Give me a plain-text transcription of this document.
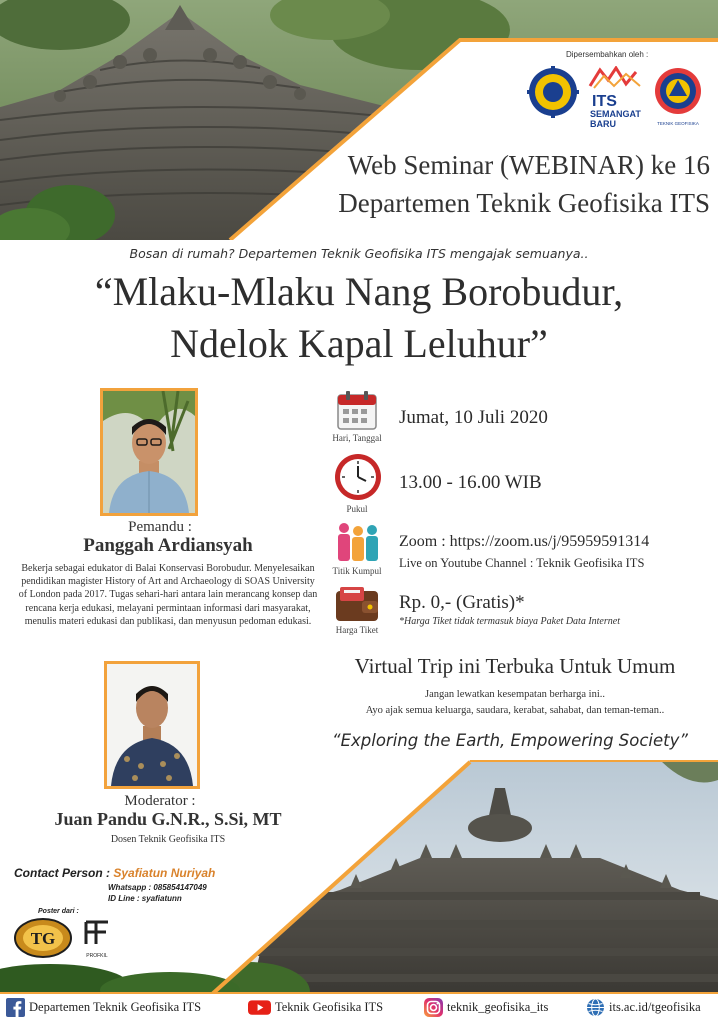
Dipersembahkan oleh :
ITS
SEMANGAT
BARU	TEKNIK GEOFISIKA
Web Seminar (WEBINAR) ke 16
Departemen Teknik Geofisika ITS
Bosan di rumah? Departemen Teknik Geofisika ITS mengajak semuanya..
“Mlaku-Mlaku Nang Borobudur,
Ndelok Kapal Leluhur”
Pemandu :
Panggah Ardiansyah
Bekerja sebagai edukator di Balai Konservasi Borobudur. Menyelesaikan pendidikan magister History of Art and Archaeology di SOAS University of London pada 2017. Tugas sehari-hari antara lain merancang konsep dan rencana kerja edukasi, melayani permintaan informasi dari masyarakat, menulis materi edukasi dan publikasi, dan menyusun pedoman edukasi.
Moderator :
Juan Pandu G.N.R., S.Si, MT
Dosen Teknik Geofisika ITS
Hari, Tanggal
Jumat, 10 Juli 2020
Pukul
13.00 - 16.00 WIB
Titik Kumpul
Zoom : https://zoom.us/j/95959591314
Live on Youtube Channel : Teknik Geofisika ITS
Harga Tiket
Rp. 0,- (Gratis)*
*Harga Tiket tidak termasuk biaya Paket Data Internet
Virtual Trip ini Terbuka Untuk Umum
Jangan lewatkan kesempatan berharga ini..
Ayo ajak semua keluarga, saudara, kerabat, sahabat, dan teman-teman..
“Exploring the Earth, Empowering Society”
Contact Person : Syafiatun Nuriyah
Whatsapp : 085854147049
ID Line : syafiatunn
Poster dari :
TG
PROFKIL
Departemen Teknik Geofisika ITS	Teknik Geofisika ITS	teknik_geofisika_its	its.ac.id/tgeofisika
